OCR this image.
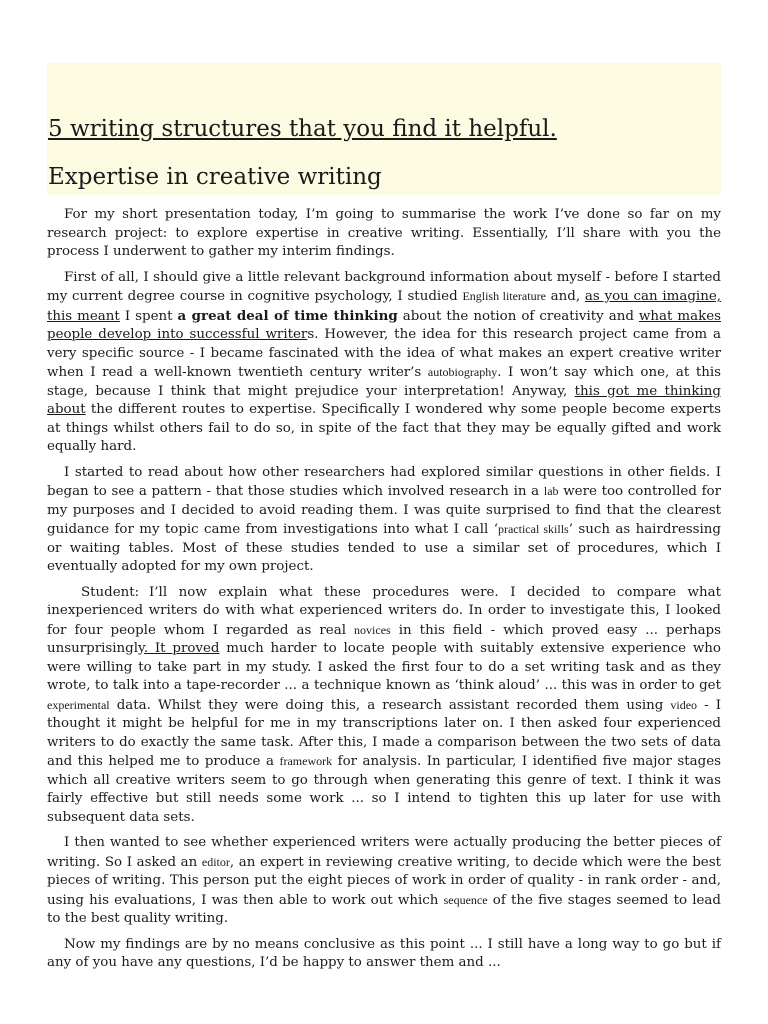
5 writing structures that you find it helpful.
Expertise in creative writing

For my short presentation today, I’m going to summarise the work I’ve done so far on my research project: to explore expertise in creative writing. Essentially, I’ll share with you the process I underwent to gather my interim findings.

First of all, I should give a little relevant background information about myself - before I started my current degree course in cognitive psychology, I studied English literature and, as you can imagine, this meant I spent a great deal of time thinking about the notion of creativity and what makes people develop into successful writers. However, the idea for this research project came from a very specific source - I became fascinated with the idea of what makes an expert creative writer when I read a well-known twentieth century writer’s autobiography. I won’t say which one, at this stage, because I think that might prejudice your interpretation! Anyway, this got me thinking about the different routes to expertise. Specifically I wondered why some people become experts at things whilst others fail to do so, in spite of the fact that they may be equally gifted and work equally hard.

I started to read about how other researchers had explored similar questions in other fields. I began to see a pattern - that those studies which involved research in a lab were too controlled for my purposes and I decided to avoid reading them. I was quite surprised to find that the clearest guidance for my topic came from investigations into what I call ‘practical skills’ such as hairdressing or waiting tables. Most of these studies tended to use a similar set of procedures, which I eventually adopted for my own project.

Student: I’ll now explain what these procedures were. I decided to compare what inexperienced writers do with what experienced writers do. In order to investigate this, I looked for four people whom I regarded as real novices in this field - which proved easy ... perhaps unsurprisingly. It proved much harder to locate people with suitably extensive experience who were willing to take part in my study. I asked the first four to do a set writing task and as they wrote, to talk into a tape-recorder ... a technique known as ‘think aloud’ ... this was in order to get experimental data. Whilst they were doing this, a research assistant recorded them using video - I thought it might be helpful for me in my transcriptions later on. I then asked four experienced writers to do exactly the same task. After this, I made a comparison between the two sets of data and this helped me to produce a framework for analysis. In particular, I identified five major stages which all creative writers seem to go through when generating this genre of text. I think it was fairly effective but still needs some work ... so I intend to tighten this up later for use with subsequent data sets.

I then wanted to see whether experienced writers were actually producing the better pieces of writing. So I asked an editor, an expert in reviewing creative writing, to decide which were the best pieces of writing. This person put the eight pieces of work in order of quality - in rank order - and, using his evaluations, I was then able to work out which sequence of the five stages seemed to lead to the best quality writing.

Now my findings are by no means conclusive as this point ... I still have a long way to go but if any of you have any questions, I’d be happy to answer them and ...
